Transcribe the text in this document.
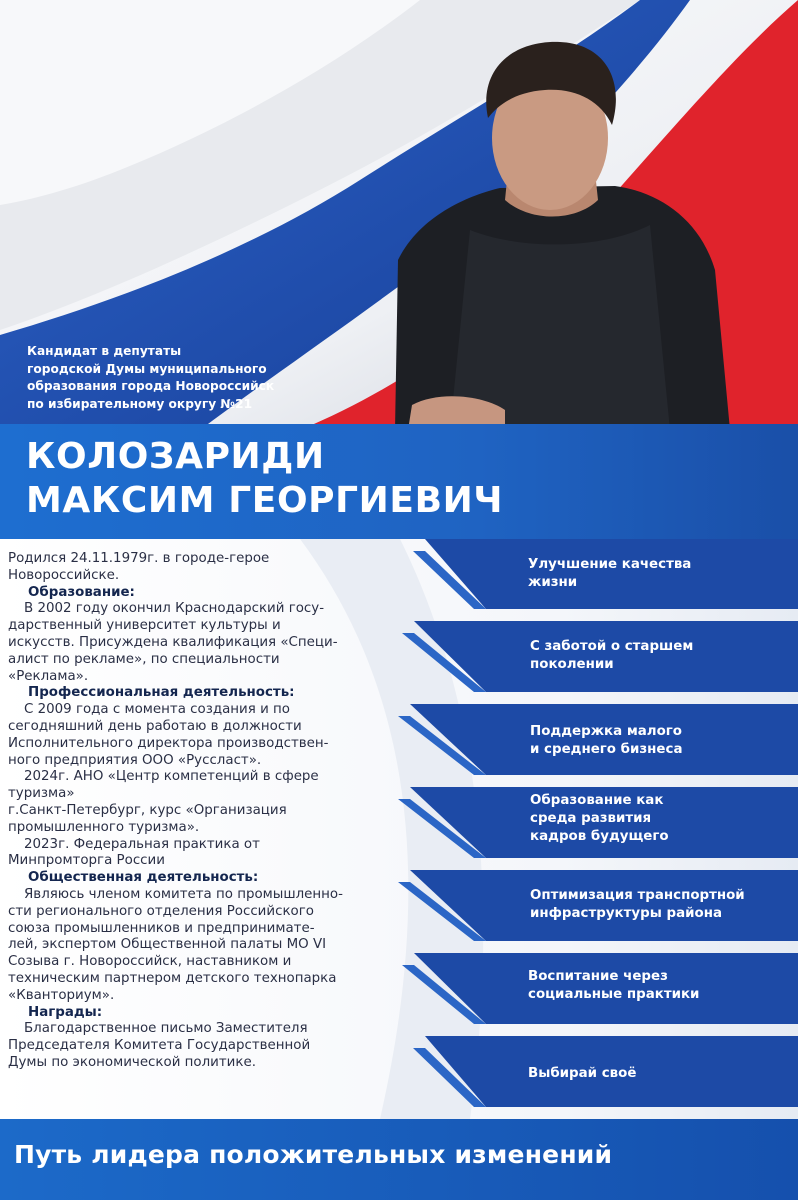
Кандидат в депутаты
городской Думы муниципального
образования города Новороссийск
по избирательному округу №21
КОЛОЗАРИДИ
МАКСИМ ГЕОРГИЕВИЧ
Родился 24.11.1979г. в городе-герое
Новороссийске.
Образование:
В 2002 году окончил Краснодарский госу-
дарственный университет культуры и
искусств. Присуждена квалификация «Специ-
алист по рекламе», по специальности
«Реклама».
Профессиональная деятельность:
С 2009 года с момента создания и по
сегодняшний день работаю в должности
Исполнительного директора производствен-
ного предприятия ООО «Руссласт».
2024г. АНО «Центр компетенций в сфере
туризма»
г.Санкт-Петербург, курс «Организация
промышленного туризма».
2023г. Федеральная практика от
Минпромторга России
Общественная деятельность:
Являюсь членом комитета по промышленно-
сти регионального отделения Российского
союза промышленников и предпринимате-
лей, экспертом Общественной палаты МО VI
Созыва г. Новороссийск, наставником и
техническим партнером детского технопарка
«Кванториум».
Награды:
Благодарственное письмо Заместителя
Председателя Комитета Государственной
Думы по экономической политике.
Улучшение качества
жизни
С заботой о старшем
поколении
Поддержка малого
и среднего бизнеса
Образование как
среда развития
кадров будущего
Оптимизация транспортной
инфраструктуры района
Воспитание через
социальные практики
Выбирай своё
Путь лидера положительных изменений
